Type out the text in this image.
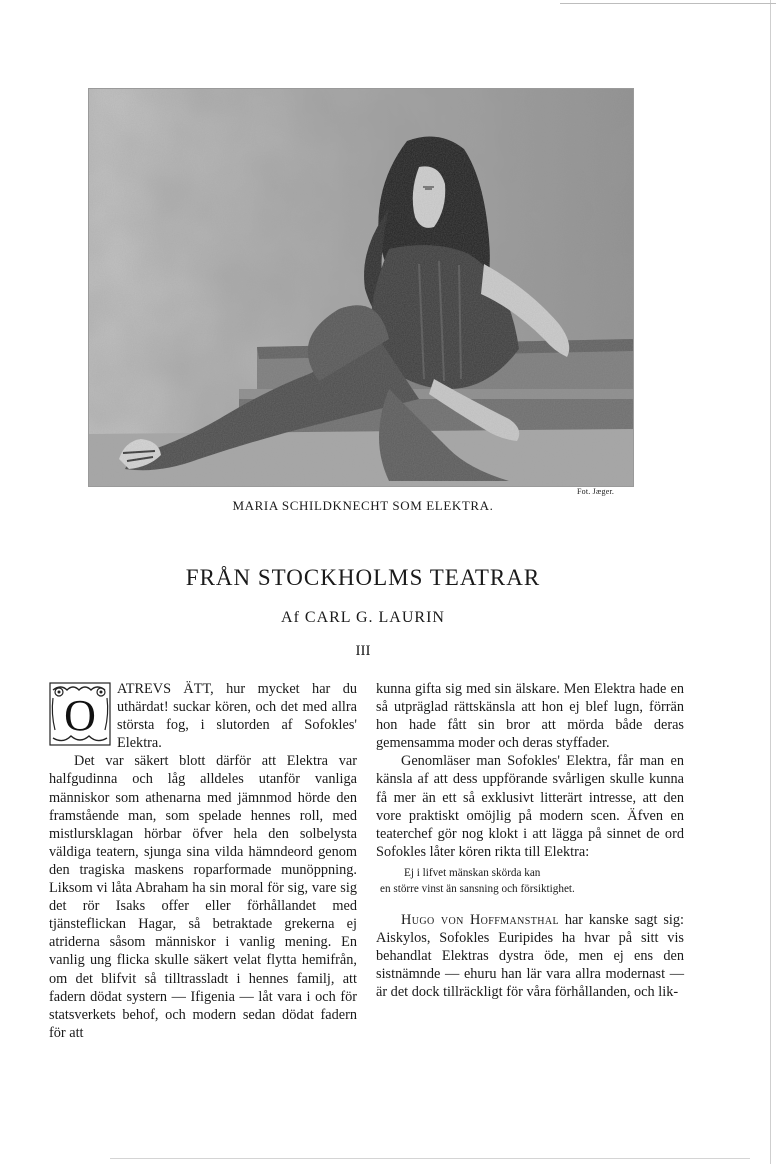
Fot. Jæger.
MARIA SCHILDKNECHT SOM ELEKTRA.
FRÅN STOCKHOLMS TEATRAR
Af CARL G. LAURIN
III
O

ATREVS ÄTT, hur mycket har du uthärdat! suckar kören, och det med allra största fog, i slutorden af Sofokles' Elektra.

Det var säkert blott därför att Elektra var halfgudinna och låg alldeles utanför vanliga människor som athenarna med jämnmod hörde den framstående man, som spelade hennes roll, med mistlursklagan hörbar öfver hela den solbelysta väldiga teatern, sjunga sina vilda hämndeord genom den tragiska maskens roparformade munöppning. Liksom vi låta Abraham ha sin moral för sig, vare sig det rör Isaks offer eller förhållandet med tjänsteflickan Hagar, så betraktade grekerna ej atriderna såsom människor i vanlig mening. En vanlig ung flicka skulle säkert velat flytta hemifrån, om det blifvit så tilltrassladt i hennes familj, att fadern dödat systern — Ifigenia — låt vara i och för statsverkets behof, och modern sedan dödat fadern för att

kunna gifta sig med sin älskare. Men Elektra hade en så utpräglad rättskänsla att hon ej blef lugn, förrän hon hade fått sin bror att mörda både deras gemensamma moder och deras styffader.

Genomläser man Sofokles' Elektra, får man en känsla af att dess uppförande svårligen skulle kunna få mer än ett så exklusivt litterärt intresse, att den vore praktiskt omöjlig på modern scen. Äfven en teaterchef gör nog klokt i att lägga på sinnet de ord Sofokles låter kören rikta till Elektra:

Ej i lifvet mänskan skörda kan
en större vinst än sansning och försiktighet.

Hugo von Hoffmansthal har kanske sagt sig: Aiskylos, Sofokles Euripides ha hvar på sitt vis behandlat Elektras dystra öde, men ej ens den sistnämnde — ehuru han lär vara allra modernast — är det dock tillräckligt för våra förhållanden, och lik-
